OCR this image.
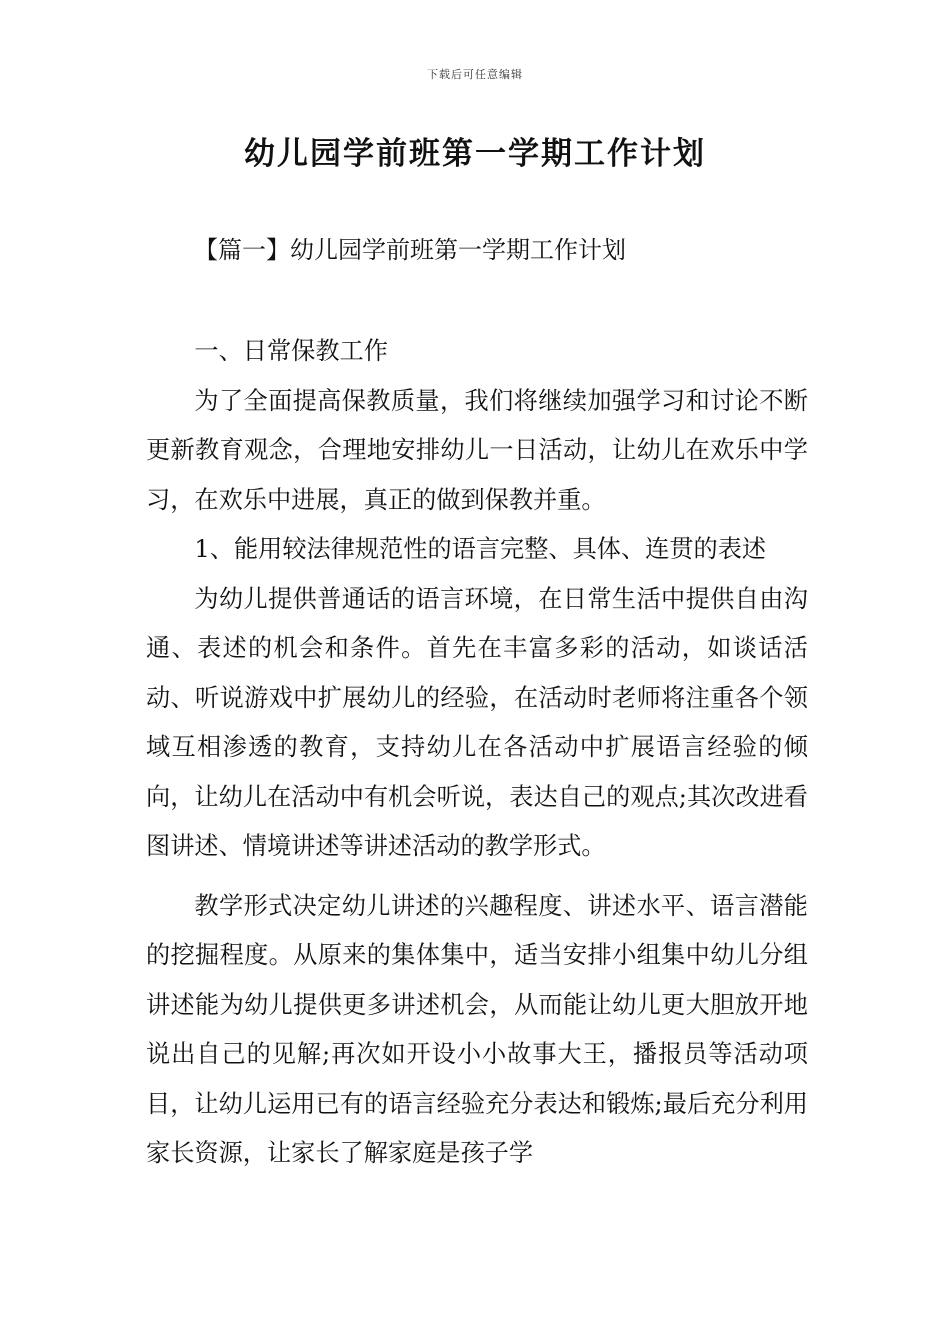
下载后可任意编辑
幼儿园学前班第一学期工作计划
【篇一】幼儿园学前班第一学期工作计划

一、日常保教工作

为了全面提高保教质量，我们将继续加强学习和讨论不断更新教育观念，合理地安排幼儿一日活动，让幼儿在欢乐中学习，在欢乐中进展，真正的做到保教并重。

1、能用较法律规范性的语言完整、具体、连贯的表述

为幼儿提供普通话的语言环境，在日常生活中提供自由沟通、表述的机会和条件。首先在丰富多彩的活动，如谈话活动、听说游戏中扩展幼儿的经验，在活动时老师将注重各个领域互相渗透的教育，支持幼儿在各活动中扩展语言经验的倾向，让幼儿在活动中有机会听说，表达自己的观点;其次改进看图讲述、情境讲述等讲述活动的教学形式。

教学形式决定幼儿讲述的兴趣程度、讲述水平、语言潜能的挖掘程度。从原来的集体集中，适当安排小组集中幼儿分组讲述能为幼儿提供更多讲述机会，从而能让幼儿更大胆放开地说出自己的见解;再次如开设小小故事大王，播报员等活动项目，让幼儿运用已有的语言经验充分表达和锻炼;最后充分利用家长资源，让家长了解家庭是孩子学
